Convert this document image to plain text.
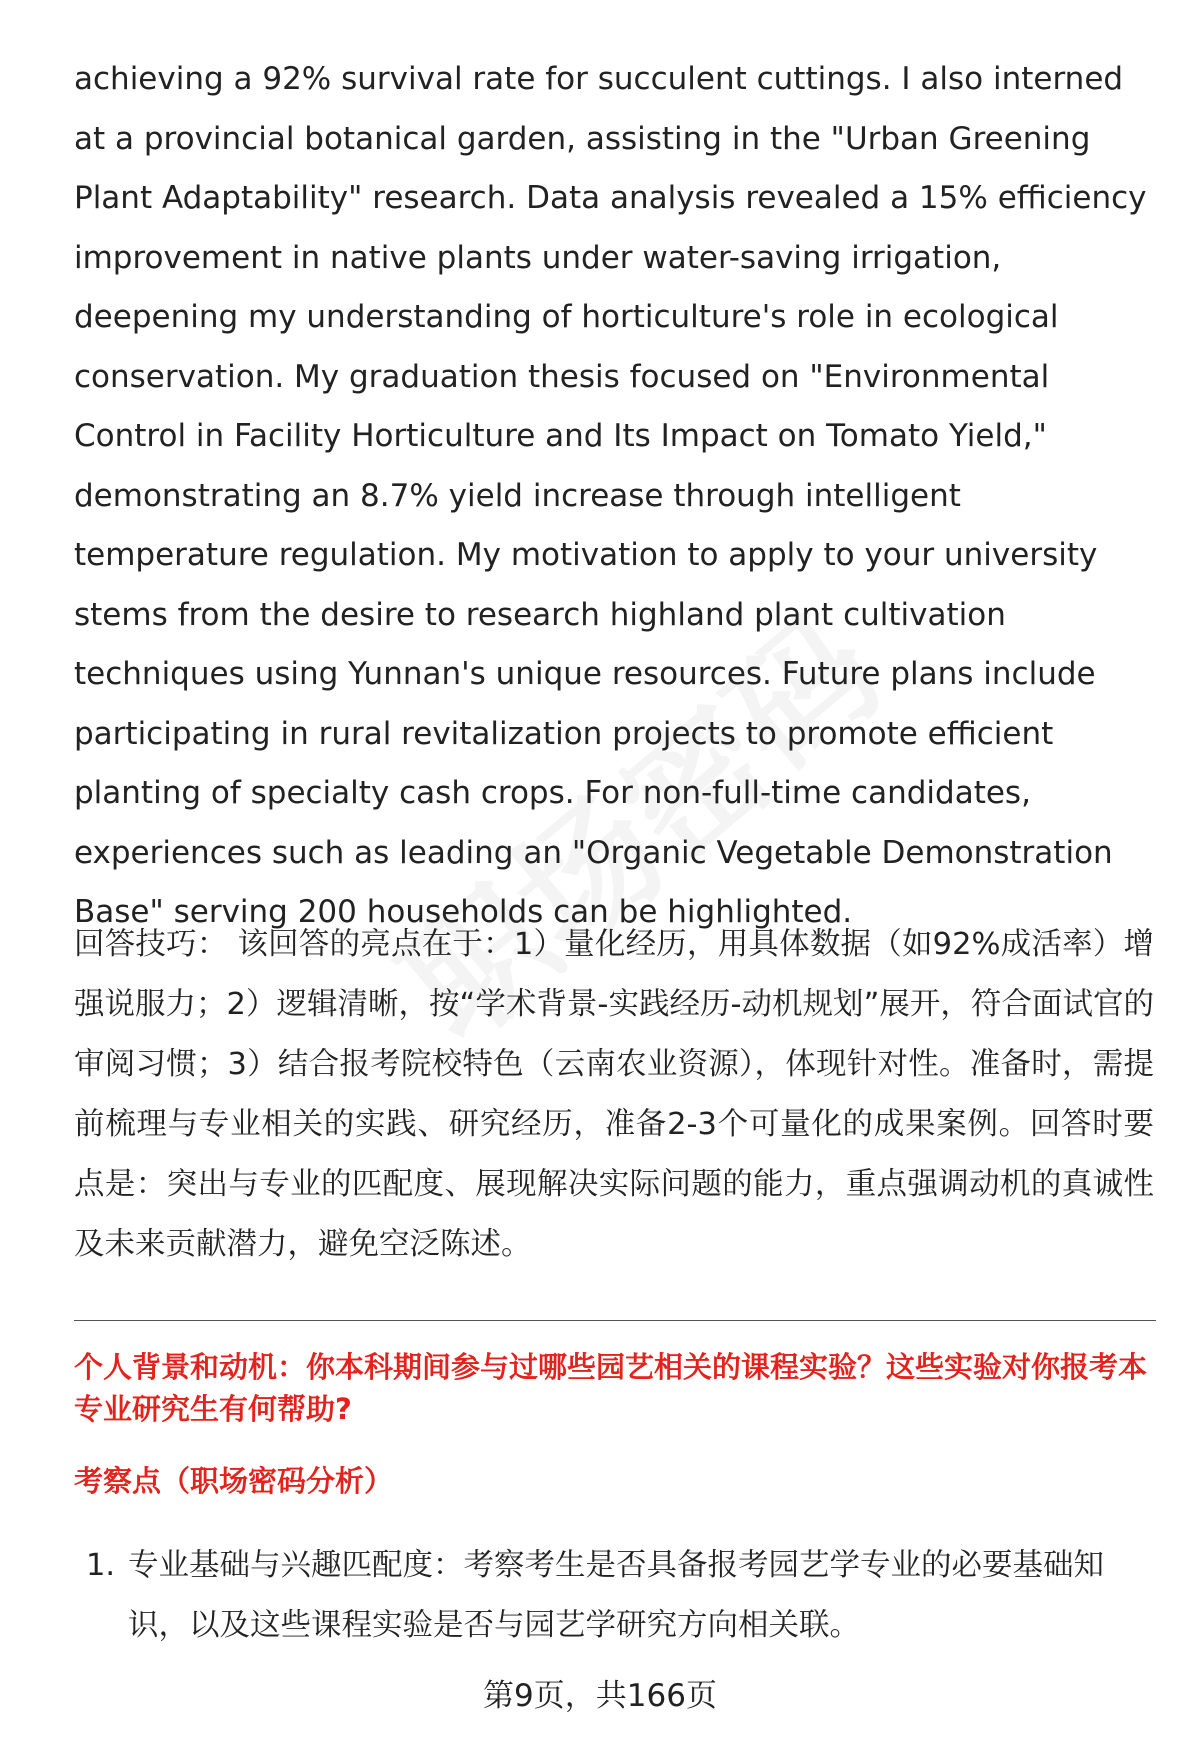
achieving a 92% survival rate for succulent cuttings. I also interned at a provincial botanical garden, assisting in the "Urban Greening Plant Adaptability" research. Data analysis revealed a 15% efficiency improvement in native plants under water-saving irrigation, deepening my understanding of horticulture's role in ecological conservation. My graduation thesis focused on "Environmental Control in Facility Horticulture and Its Impact on Tomato Yield," demonstrating an 8.7% yield increase through intelligent temperature regulation. My motivation to apply to your university stems from the desire to research highland plant cultivation techniques using Yunnan's unique resources. Future plans include participating in rural revitalization projects to promote efficient planting of specialty cash crops. For non-full-time candidates, experiences such as leading an "Organic Vegetable Demonstration Base" serving 200 households can be highlighted.

回答技巧： 该回答的亮点在于：1）量化经历，用具体数据（如92%成活率）增强说服力；2）逻辑清晰，按“学术背景-实践经历-动机规划”展开，符合面试官的审阅习惯；3）结合报考院校特色（云南农业资源），体现针对性。准备时，需提前梳理与专业相关的实践、研究经历，准备2-3个可量化的成果案例。回答时要点是：突出与专业的匹配度、展现解决实际问题的能力，重点强调动机的真诚性及未来贡献潜力，避免空泛陈述。

个人背景和动机：你本科期间参与过哪些园艺相关的课程实验？这些实验对你报考本专业研究生有何帮助?
考察点（职场密码分析）
1. 专业基础与兴趣匹配度：考察考生是否具备报考园艺学专业的必要基础知识，以及这些课程实验是否与园艺学研究方向相关联。
第9页，共166页
